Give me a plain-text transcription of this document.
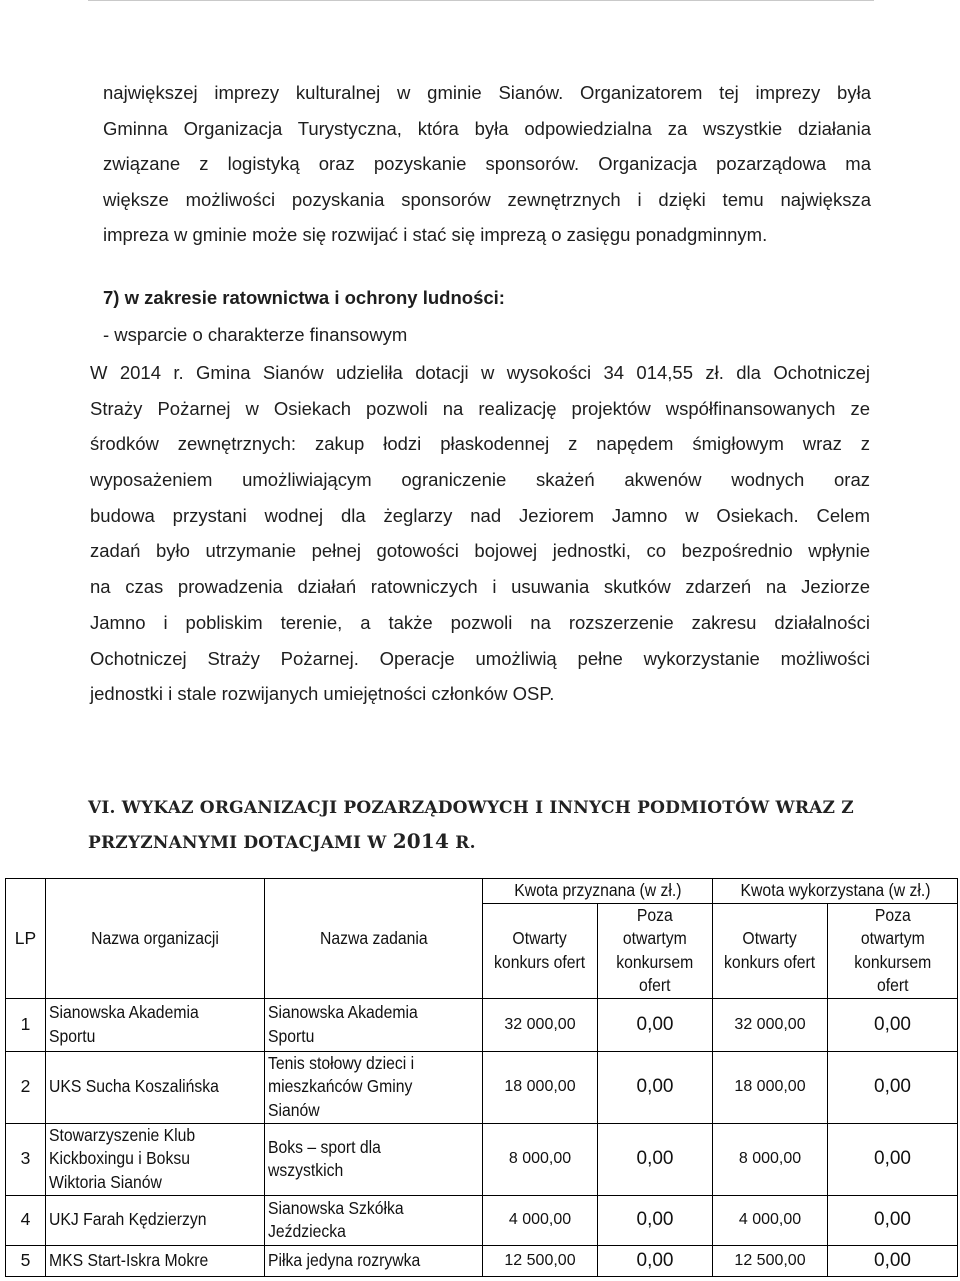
największej imprezy kulturalnej w gminie Sianów. Organizatorem tej imprezy była
Gminna Organizacja Turystyczna, która była odpowiedzialna za wszystkie działania
związane z logistyką oraz pozyskanie sponsorów. Organizacja pozarządowa ma
większe możliwości pozyskania sponsorów zewnętrznych i dzięki temu największa
impreza w gminie może się rozwijać i stać się imprezą o zasięgu ponadgminnym.
7) w zakresie ratownictwa i ochrony ludności:
- wsparcie o charakterze finansowym
W 2014 r. Gmina Sianów udzieliła dotacji w wysokości 34 014,55 zł. dla Ochotniczej
Straży Pożarnej w Osiekach pozwoli na realizację projektów współfinansowanych ze
środków zewnętrznych: zakup łodzi płaskodennej z napędem śmigłowym wraz z
wyposażeniem umożliwiającym ograniczenie skażeń akwenów wodnych oraz
budowa przystani wodnej dla żeglarzy nad Jeziorem Jamno w Osiekach. Celem
zadań było utrzymanie pełnej gotowości bojowej jednostki, co bezpośrednio wpłynie
na czas prowadzenia działań ratowniczych i usuwania skutków zdarzeń na Jeziorze
Jamno i pobliskim terenie, a także pozwoli na rozszerzenie zakresu działalności
Ochotniczej Straży Pożarnej. Operacje umożliwią pełne wykorzystanie możliwości
jednostki i stale rozwijanych umiejętności członków OSP.
VI. WYKAZ ORGANIZACJI POZARZĄDOWYCH I INNYCH PODMIOTÓW WRAZ Z
PRZYZNANYMI DOTACJAMI W 2014 R.
LP	Nazwa organizacji	Nazwa zadania	Kwota przyznana (w zł.)		Kwota wykorzystana (w zł.)	
			Otwarty
konkurs ofert	Poza
otwartym
konkursem
ofert	Otwarty
konkurs ofert	Poza
otwartym
konkursem
ofert
1	Sianowska Akademia Sportu	Sianowska Akademia Sportu	32 000,00	0,00	32 000,00	0,00
2	UKS Sucha Koszalińska	Tenis stołowy dzieci i mieszkańców Gminy Sianów	18 000,00	0,00	18 000,00	0,00
3	Stowarzyszenie Klub Kickboxingu i Boksu Wiktoria Sianów	Boks – sport dla wszystkich	8 000,00	0,00	8 000,00	0,00
4	UKJ Farah Kędzierzyn	Sianowska Szkółka Jeździecka	4 000,00	0,00	4 000,00	0,00
5	MKS Start-Iskra Mokre	Piłka jedyna rozrywka	12 500,00	0,00	12 500,00	0,00
